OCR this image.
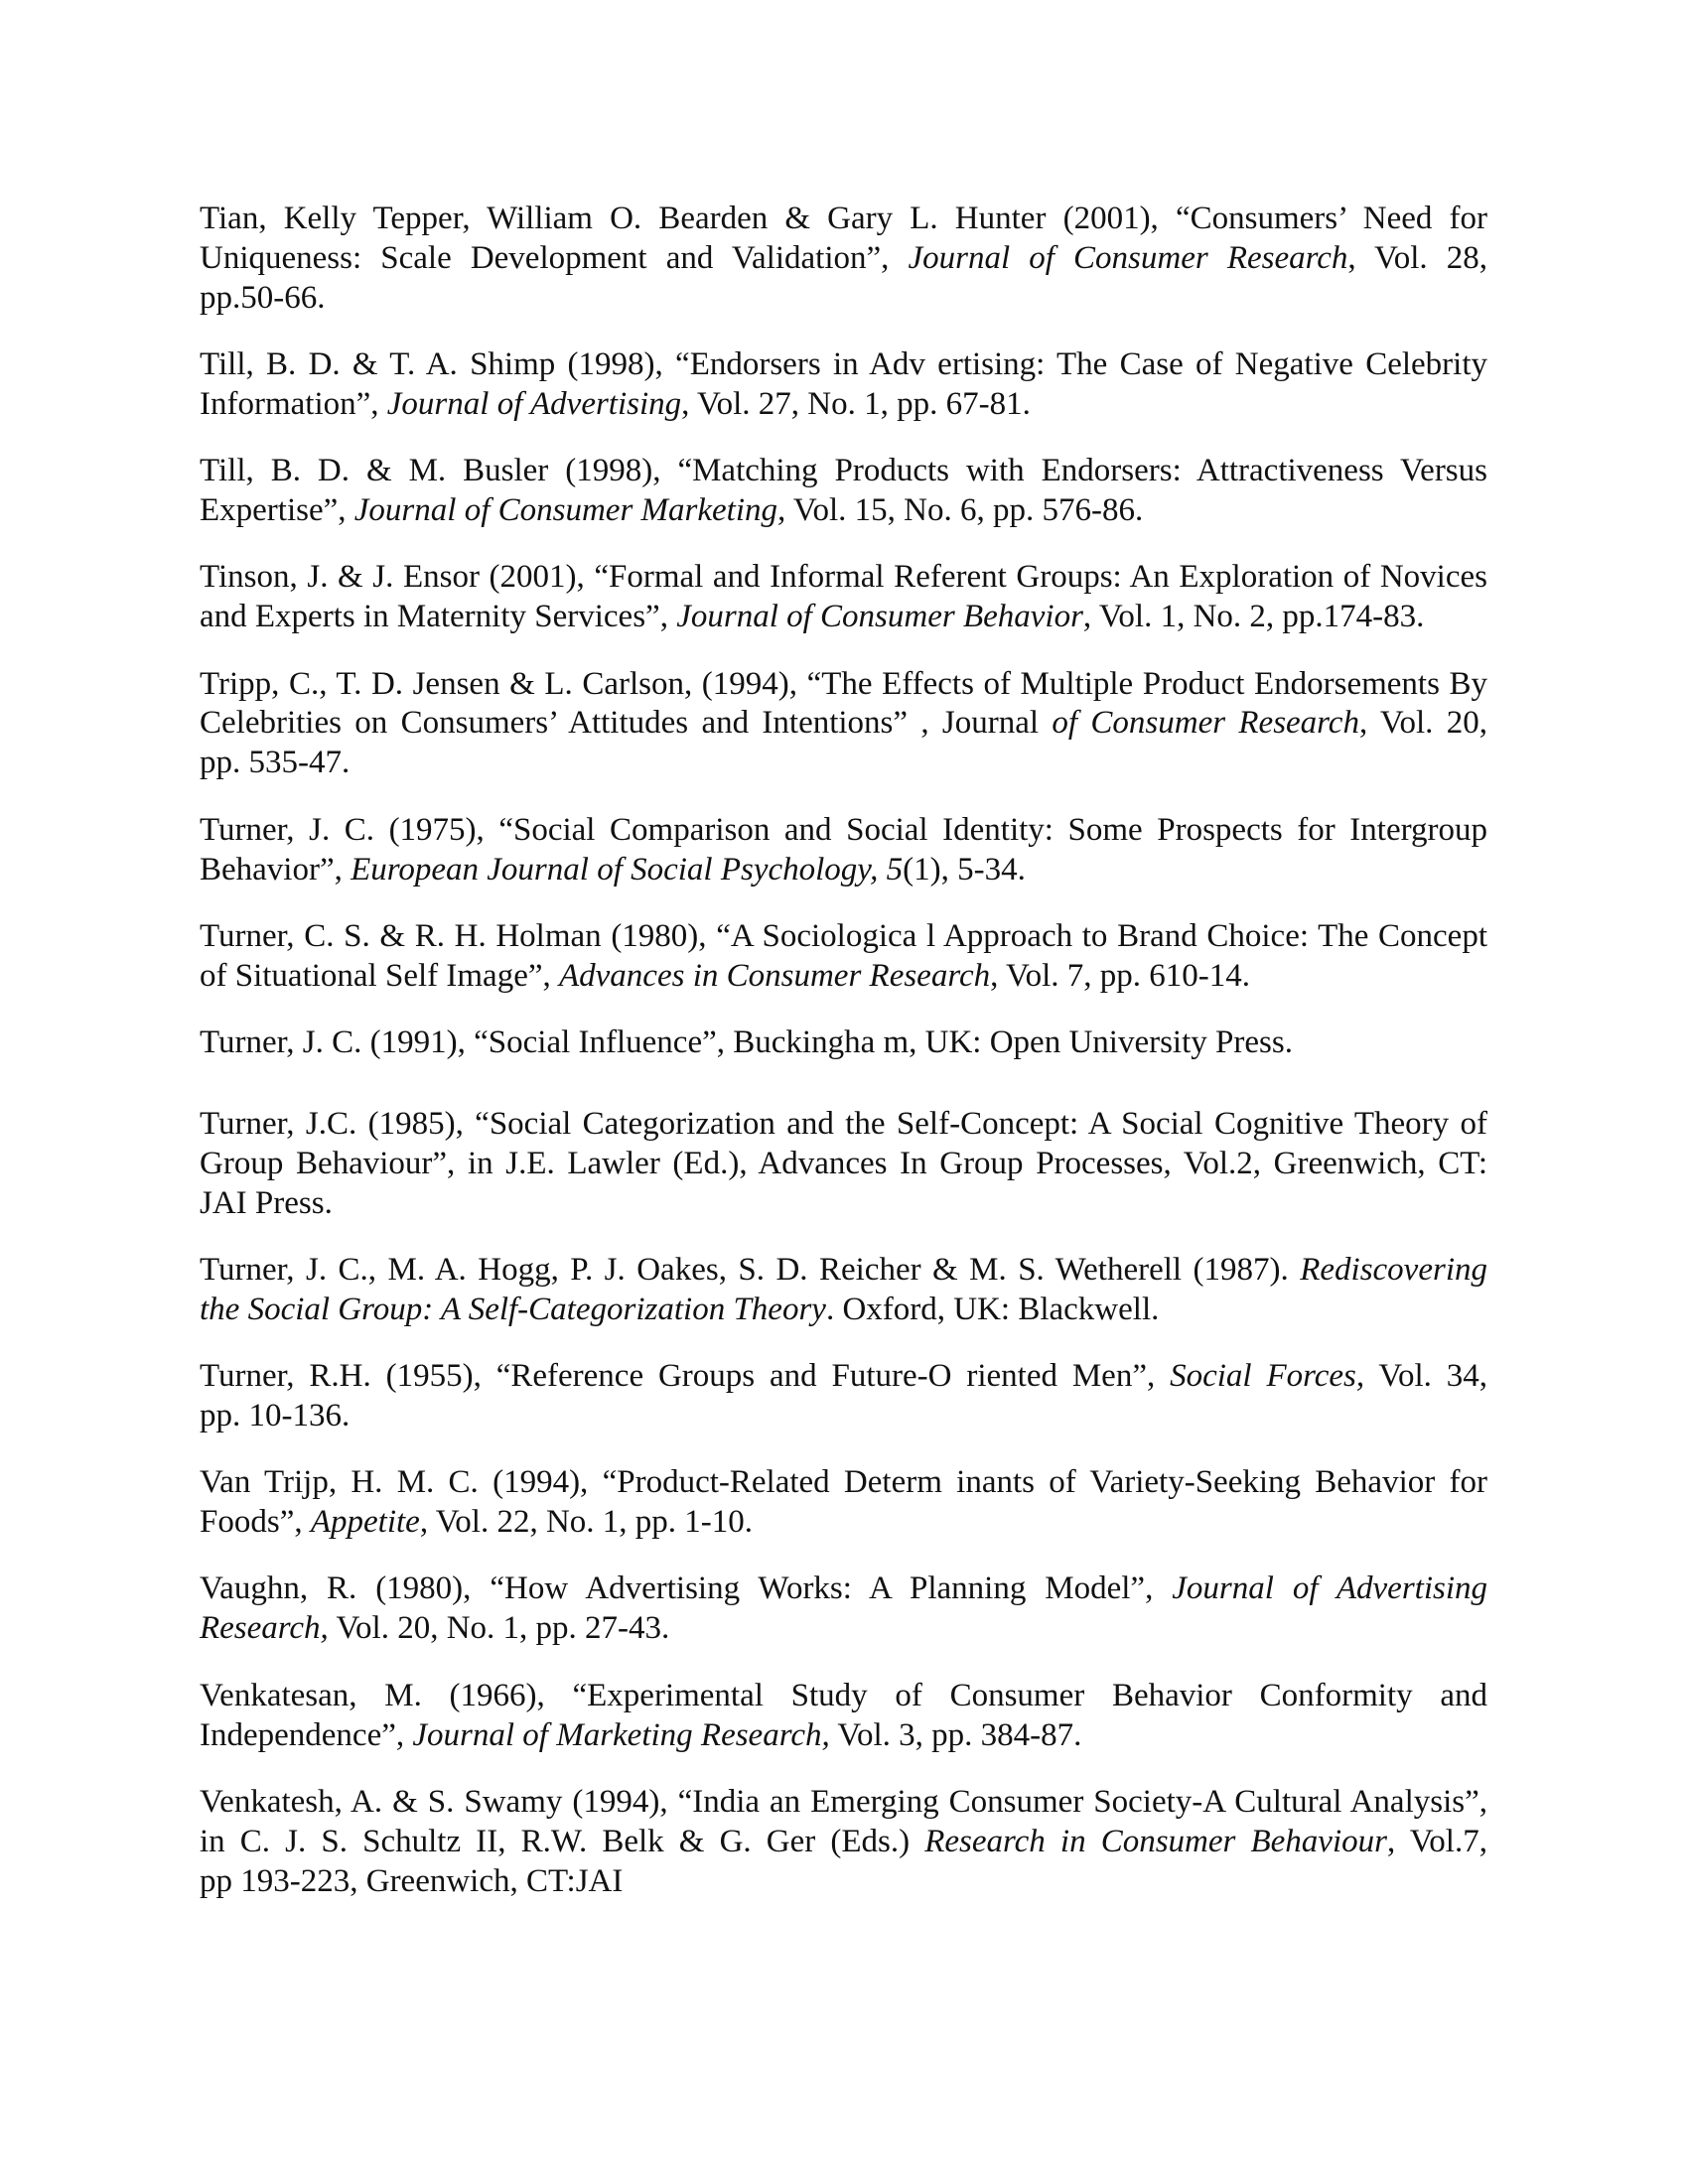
Tian, Kelly Tepper, William O. Bearden & Gary L. Hunter (2001), “Consumers’ Need for
Uniqueness: Scale Development and Validation”, Journal of Consumer Research, Vol. 28,
pp.50-66.
Till, B. D. & T. A. Shimp (1998), “Endorsers in Adv ertising: The Case of Negative Celebrity
Information”, Journal of Advertising, Vol. 27, No. 1, pp. 67-81.
Till, B. D. & M. Busler (1998), “Matching Products with Endorsers: Attractiveness Versus
Expertise”, Journal of Consumer Marketing, Vol. 15, No. 6, pp. 576-86.
Tinson, J. & J. Ensor (2001), “Formal and Informal Referent Groups: An Exploration of Novices
and Experts in Maternity Services”, Journal of Consumer Behavior, Vol. 1, No. 2, pp.174-83.
Tripp, C., T. D. Jensen & L. Carlson, (1994), “The Effects of Multiple Product Endorsements By
Celebrities on Consumers’ Attitudes and Intentions” , Journal of Consumer Research, Vol. 20,
pp. 535-47.
Turner, J. C. (1975), “Social Comparison and Social Identity: Some Prospects for Intergroup
Behavior”, European Journal of Social Psychology, 5(1), 5-34.
Turner, C. S. & R. H. Holman (1980), “A Sociologica l Approach to Brand Choice: The Concept
of Situational Self Image”, Advances in Consumer Research, Vol. 7, pp. 610-14.
Turner, J. C. (1991), “Social Influence”, Buckingha m, UK: Open University Press.
Turner, J.C. (1985), “Social Categorization and the Self-Concept: A Social Cognitive Theory of
Group Behaviour”, in J.E. Lawler (Ed.), Advances In Group Processes, Vol.2, Greenwich, CT:
JAI Press.
Turner, J. C., M. A. Hogg, P. J. Oakes, S. D. Reicher & M. S. Wetherell (1987). Rediscovering
the Social Group: A Self-Categorization Theory. Oxford, UK: Blackwell.
Turner, R.H. (1955), “Reference Groups and Future-O riented Men”, Social Forces, Vol. 34,
pp. 10-136.
Van Trijp, H. M. C. (1994), “Product-Related Determ inants of Variety-Seeking Behavior for
Foods”, Appetite, Vol. 22, No. 1, pp. 1-10.
Vaughn, R. (1980), “How Advertising Works: A Planning Model”, Journal of Advertising
Research, Vol. 20, No. 1, pp. 27-43.
Venkatesan, M. (1966), “Experimental Study of Consumer Behavior Conformity and
Independence”, Journal of Marketing Research, Vol. 3, pp. 384-87.
Venkatesh, A. & S. Swamy (1994), “India an Emerging Consumer Society-A Cultural Analysis”,
in C. J. S. Schultz II, R.W. Belk & G. Ger (Eds.) Research in Consumer Behaviour, Vol.7,
pp 193-223, Greenwich, CT:JAI
